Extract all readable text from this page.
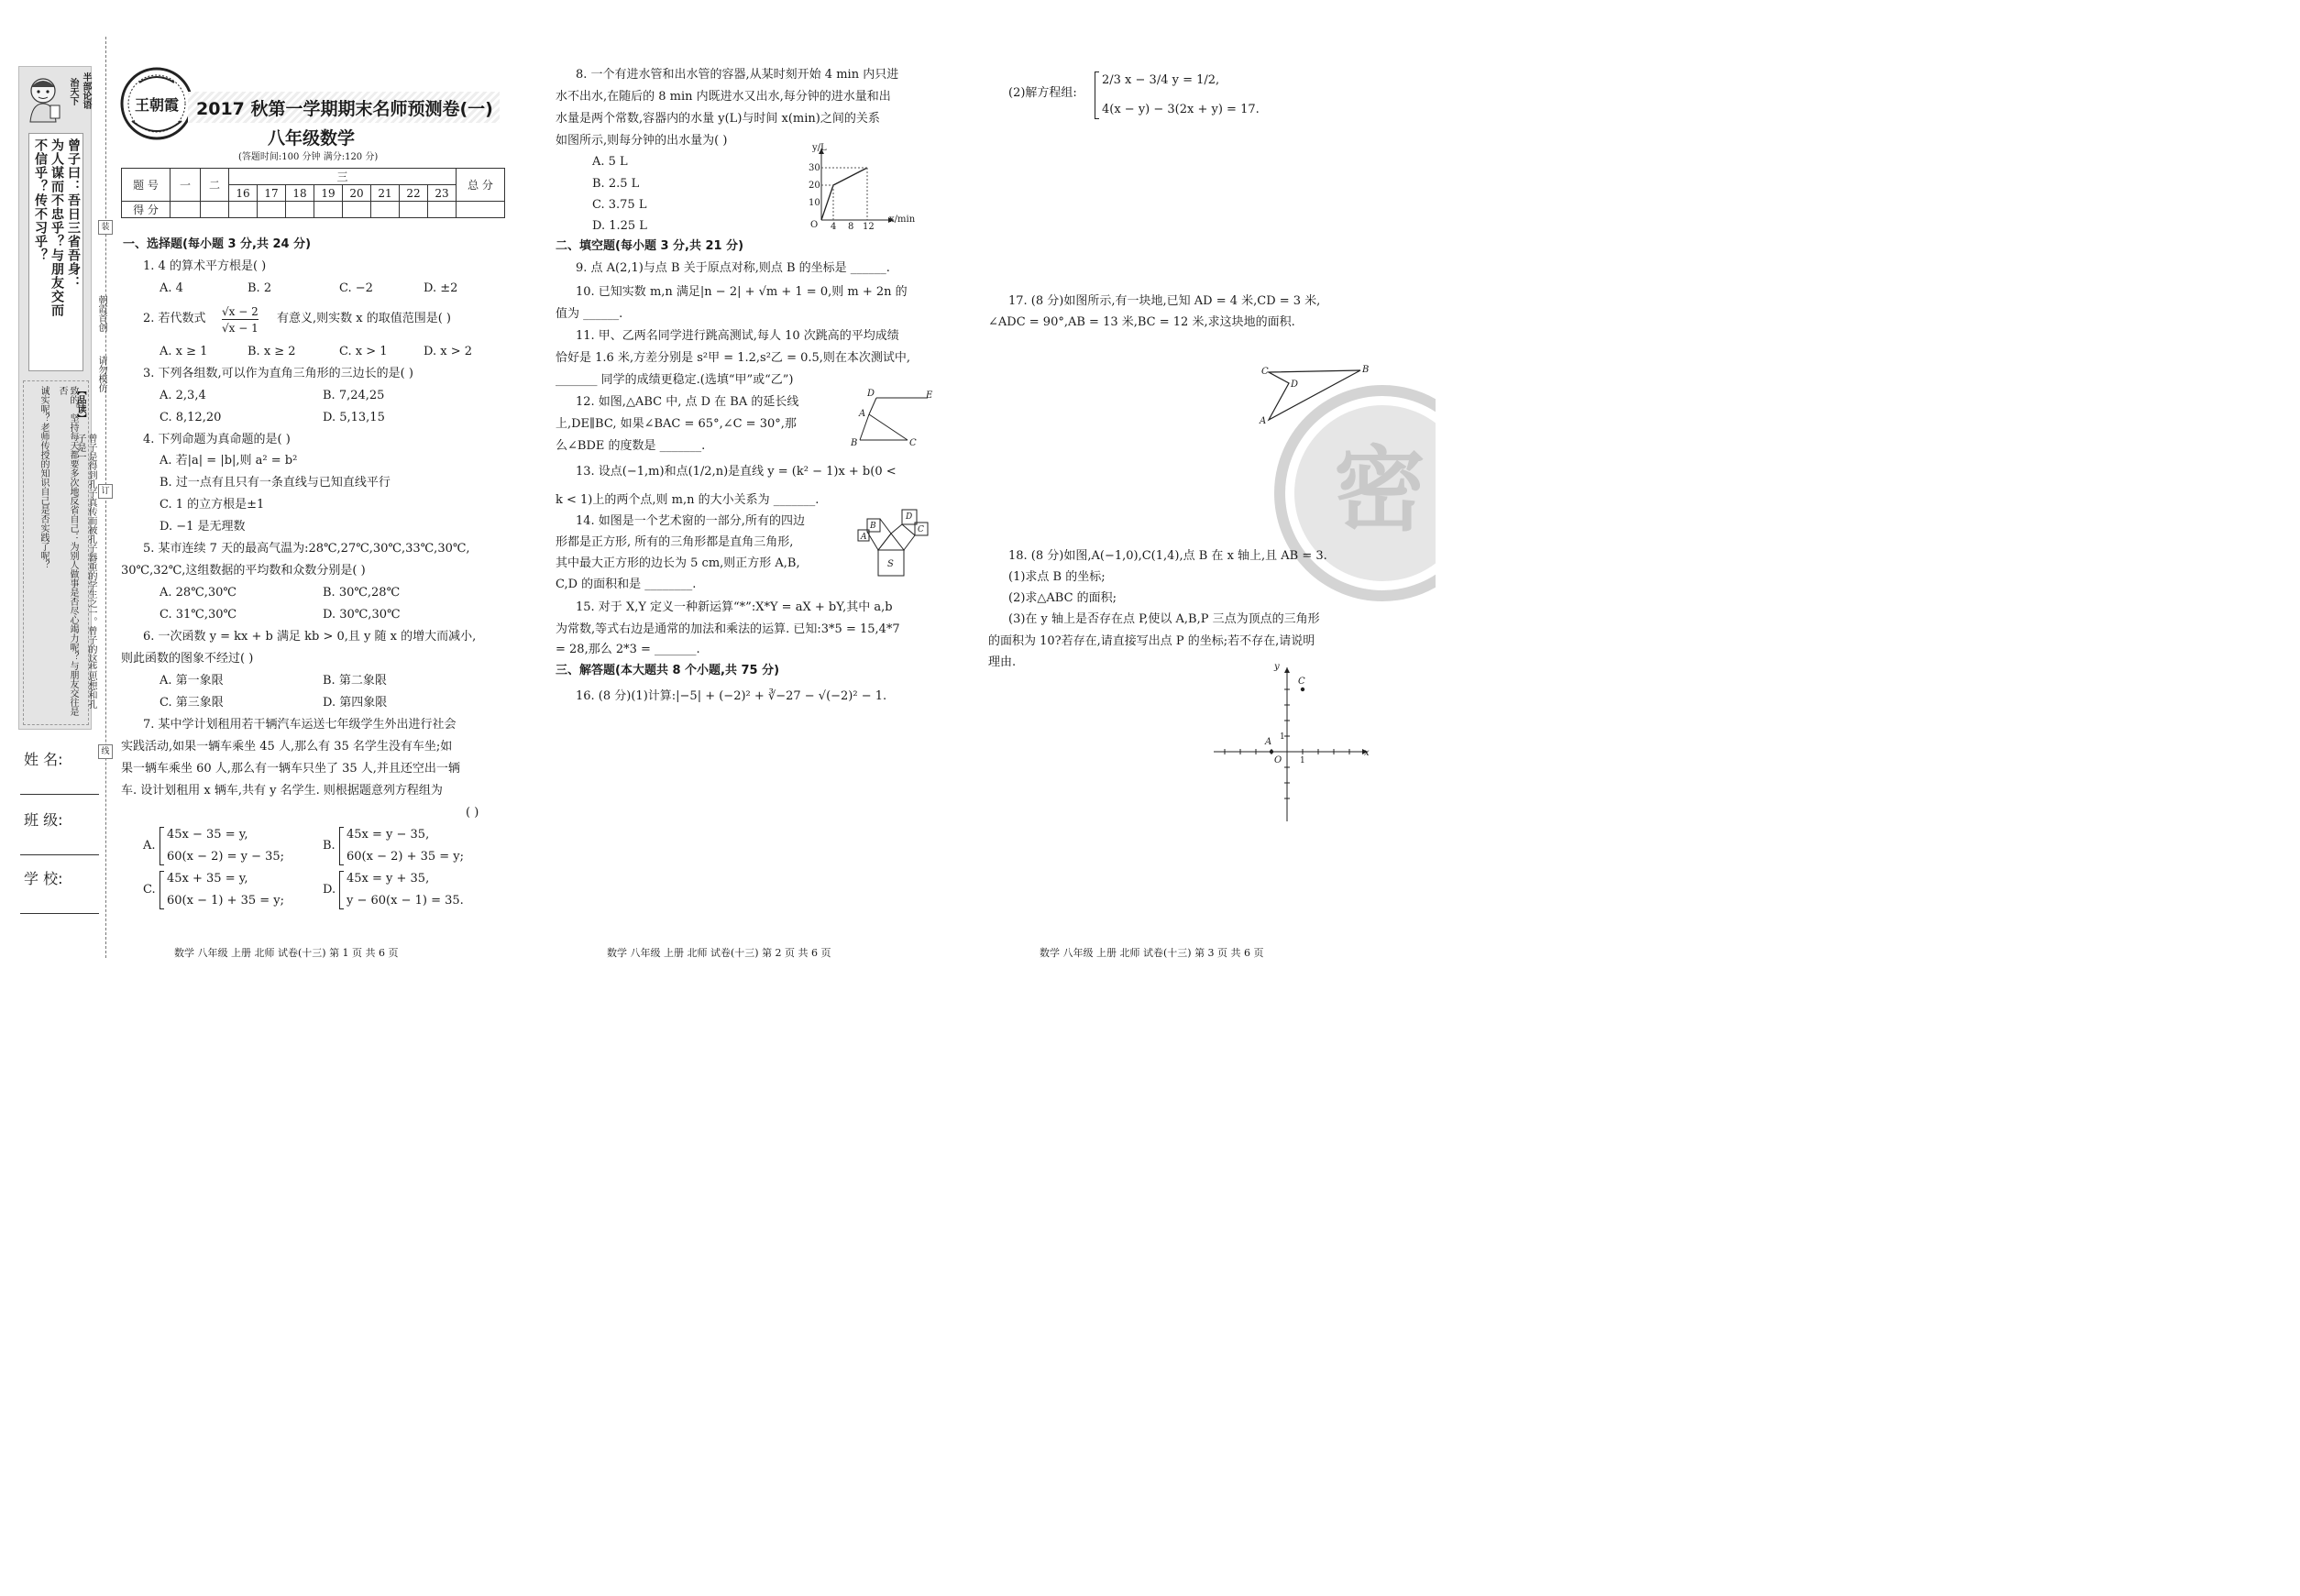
半部论语
治天下
曾子曰：吾日三省吾身：
为人谋而不忠乎？与朋友交而
不信乎？传不习乎？
【品读】
曾子是得到孔子真传而被孔子器重的学生之一。曾子的这些思想和孔子是一
致的。坚持每天都要多次地反省自己：为别人做事是否尽心竭力呢？与朋友交往是否
诚实呢？老师传授的知识自己是否实践了呢？
姓 名:
班 级:
学 校:
装
订
线
朝霞首创
请勿模仿
王朝霞	2017 秋第一学期期末名师预测卷(一)
八年级数学
(答题时间:100 分钟 满分:120 分)
题 号	一	二	三								总 分
			16	17	18	19	20	21	22	23	
得 分											
一、选择题(每小题 3 分,共 24 分)
1. 4 的算术平方根是( )
A. 4	B. 2	C. −2	D. ±2
2. 若代数式 √x − 2
√x − 1
有意义,则实数 x 的取值范围是( )
A. x ≥ 1	B. x ≥ 2	C. x > 1	D. x > 2
3. 下列各组数,可以作为直角三角形的三边长的是( )
A. 2,3,4	B. 7,24,25
C. 8,12,20	D. 5,13,15
4. 下列命题为真命题的是( )
A. 若|a| = |b|,则 a² = b²
B. 过一点有且只有一条直线与已知直线平行
C. 1 的立方根是±1
D. −1 是无理数
5. 某市连续 7 天的最高气温为:28℃,27℃,30℃,33℃,30℃,
30℃,32℃,这组数据的平均数和众数分别是( )
A. 28℃,30℃	B. 30℃,28℃
C. 31℃,30℃	D. 30℃,30℃
6. 一次函数 y = kx + b 满足 kb > 0,且 y 随 x 的增大而减小,
则此函数的图象不经过( )
A. 第一象限	B. 第二象限
C. 第三象限	D. 第四象限
7. 某中学计划租用若干辆汽车运送七年级学生外出进行社会
实践活动,如果一辆车乘坐 45 人,那么有 35 名学生没有车坐;如
果一辆车乘坐 60 人,那么有一辆车只坐了 35 人,并且还空出一辆
车. 设计划租用 x 辆车,共有 y 名学生. 则根据题意列方程组为
( )
A.
45x − 35 = y,
60(x − 2) = y − 35;
B.
45x = y − 35,
60(x − 2) + 35 = y;
C.
45x + 35 = y,
60(x − 1) + 35 = y;
D.
45x = y + 35,
y − 60(x − 1) = 35.
8. 一个有进水管和出水管的容器,从某时刻开始 4 min 内只进
水不出水,在随后的 8 min 内既进水又出水,每分钟的进水量和出
水量是两个常数,容器内的水量 y(L)与时间 x(min)之间的关系
如图所示,则每分钟的出水量为( )
A. 5 L
B. 2.5 L
C. 3.75 L
D. 1.25 L
y/L
x/min
O
30
20
10
4 8 12
二、填空题(每小题 3 分,共 21 分)
9. 点 A(2,1)与点 B 关于原点对称,则点 B 的坐标是 ______.
10. 已知实数 m,n 满足|n − 2| + √m + 1 = 0,则 m + 2n 的
值为 ______.
11. 甲、乙两名同学进行跳高测试,每人 10 次跳高的平均成绩
恰好是 1.6 米,方差分别是 s²甲 = 1.2,s²乙 = 0.5,则在本次测试中,
_______ 同学的成绩更稳定.(选填“甲”或“乙”)
12. 如图,△ABC 中, 点 D 在 BA 的延长线
上,DE∥BC, 如果∠BAC = 65°,∠C = 30°,那
么∠BDE 的度数是 _______.
D	E
A
B	C
13. 设点(−1,m)和点(1/2,n)是直线 y = (k² − 1)x + b(0 <
k < 1)上的两个点,则 m,n 的大小关系为 _______.
14. 如图是一个艺术窗的一部分,所有的四边
形都是正方形, 所有的三角形都是直角三角形,
其中最大正方形的边长为 5 cm,则正方形 A,B,
C,D 的面积和是 ________.
A
B
D
C
S
15. 对于 X,Y 定义一种新运算“*”:X*Y = aX + bY,其中 a,b
为常数,等式右边是通常的加法和乘法的运算. 已知:3*5 = 15,4*7
= 28,那么 2*3 = _______.
三、解答题(本大题共 8 个小题,共 75 分)
16. (8 分)(1)计算:|−5| + (−2)² + ∛−27 − √(−2)² − 1.
(2)解方程组:
2/3 x − 3/4 y = 1/2,
4(x − y) − 3(2x + y) = 17.
17. (8 分)如图所示,有一块地,已知 AD = 4 米,CD = 3 米,
∠ADC = 90°,AB = 13 米,BC = 12 米,求这块地的面积.
C	B
D
A
密
18. (8 分)如图,A(−1,0),C(1,4),点 B 在 x 轴上,且 AB = 3.
(1)求点 B 的坐标;
(2)求△ABC 的面积;
(3)在 y 轴上是否存在点 P,使以 A,B,P 三点为顶点的三角形
的面积为 10?若存在,请直接写出点 P 的坐标;若不存在,请说明
理由.	y
C
A 1
O 1
x
数学 八年级 上册 北师 试卷(十三) 第 1 页 共 6 页	数学 八年级 上册 北师 试卷(十三) 第 2 页 共 6 页	数学 八年级 上册 北师 试卷(十三) 第 3 页 共 6 页
